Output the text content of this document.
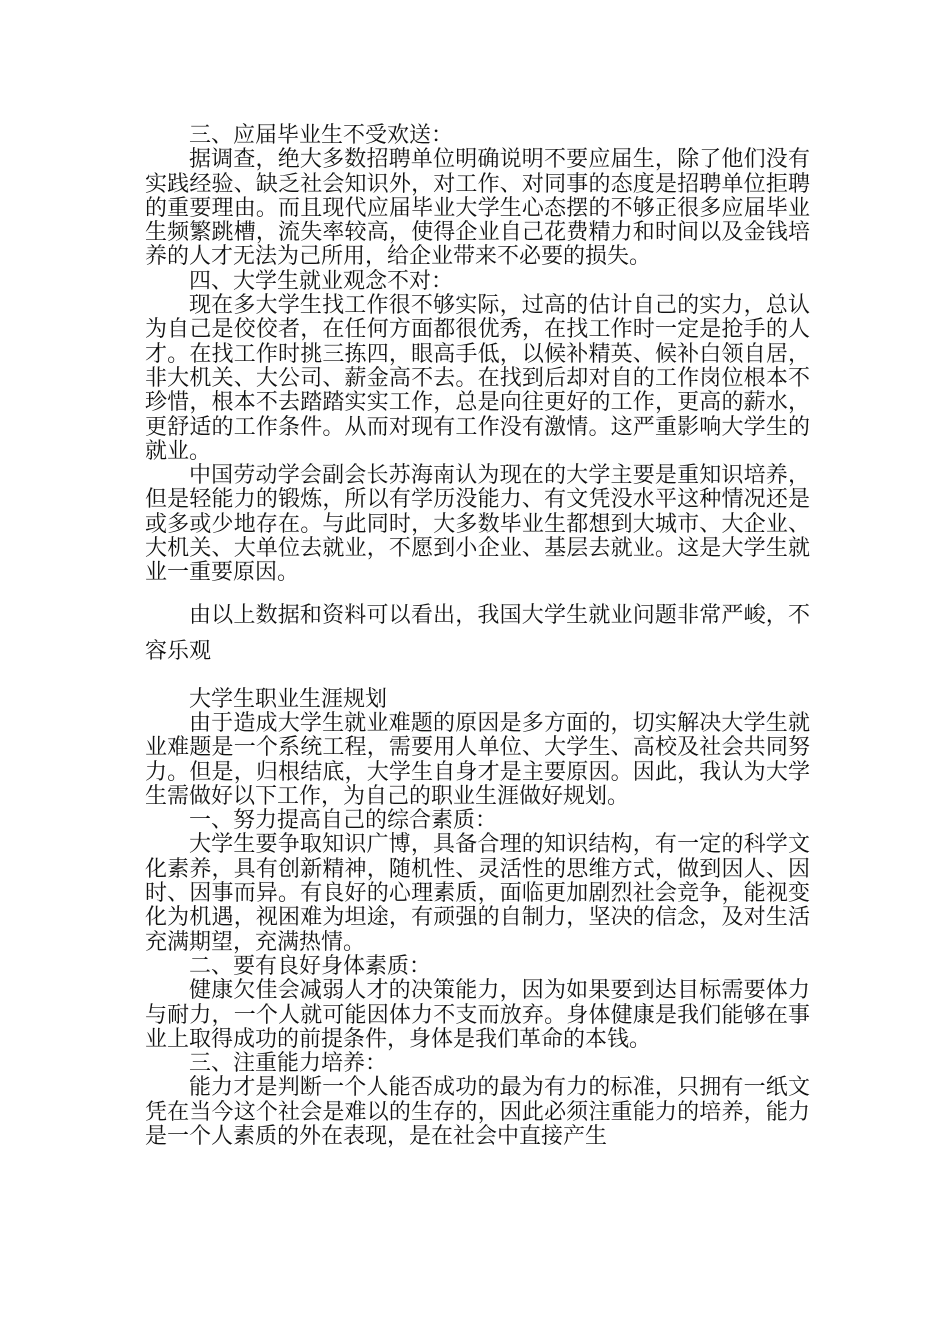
三、应届毕业生不受欢送：

据调查，绝大多数招聘单位明确说明不要应届生，除了他们没有实践经验、缺乏社会知识外，对工作、对同事的态度是招聘单位拒聘的重要理由。而且现代应届毕业大学生心态摆的不够正很多应届毕业生频繁跳槽，流失率较高，使得企业自己花费精力和时间以及金钱培养的人才无法为己所用，给企业带来不必要的损失。

四、大学生就业观念不对：

现在多大学生找工作很不够实际，过高的估计自己的实力，总认为自己是佼佼者，在任何方面都很优秀，在找工作时一定是抢手的人才。在找工作时挑三拣四，眼高手低，以候补精英、候补白领自居，非大机关、大公司、薪金高不去。在找到后却对自的工作岗位根本不珍惜，根本不去踏踏实实工作，总是向往更好的工作，更高的薪水，更舒适的工作条件。从而对现有工作没有激情。这严重影响大学生的就业。

中国劳动学会副会长苏海南认为现在的大学主要是重知识培养，但是轻能力的锻炼，所以有学历没能力、有文凭没水平这种情况还是或多或少地存在。与此同时，大多数毕业生都想到大城市、大企业、大机关、大单位去就业，不愿到小企业、基层去就业。这是大学生就业一重要原因。

由以上数据和资料可以看出，我国大学生就业问题非常严峻，不容乐观

大学生职业生涯规划

由于造成大学生就业难题的原因是多方面的，切实解决大学生就业难题是一个系统工程，需要用人单位、大学生、高校及社会共同努力。但是，归根结底，大学生自身才是主要原因。因此，我认为大学生需做好以下工作，为自己的职业生涯做好规划。

一、努力提高自己的综合素质：

大学生要争取知识广博，具备合理的知识结构，有一定的科学文化素养，具有创新精神，随机性、灵活性的思维方式，做到因人、因时、因事而异。有良好的心理素质，面临更加剧烈社会竞争，能视变化为机遇，视困难为坦途，有顽强的自制力，坚决的信念，及对生活充满期望，充满热情。

二、要有良好身体素质：

健康欠佳会减弱人才的决策能力，因为如果要到达目标需要体力与耐力，一个人就可能因体力不支而放弃。身体健康是我们能够在事业上取得成功的前提条件，身体是我们革命的本钱。

三、注重能力培养：

能力才是判断一个人能否成功的最为有力的标准，只拥有一纸文凭在当今这个社会是难以的生存的，因此必须注重能力的培养，能力是一个人素质的外在表现，是在社会中直接产生
